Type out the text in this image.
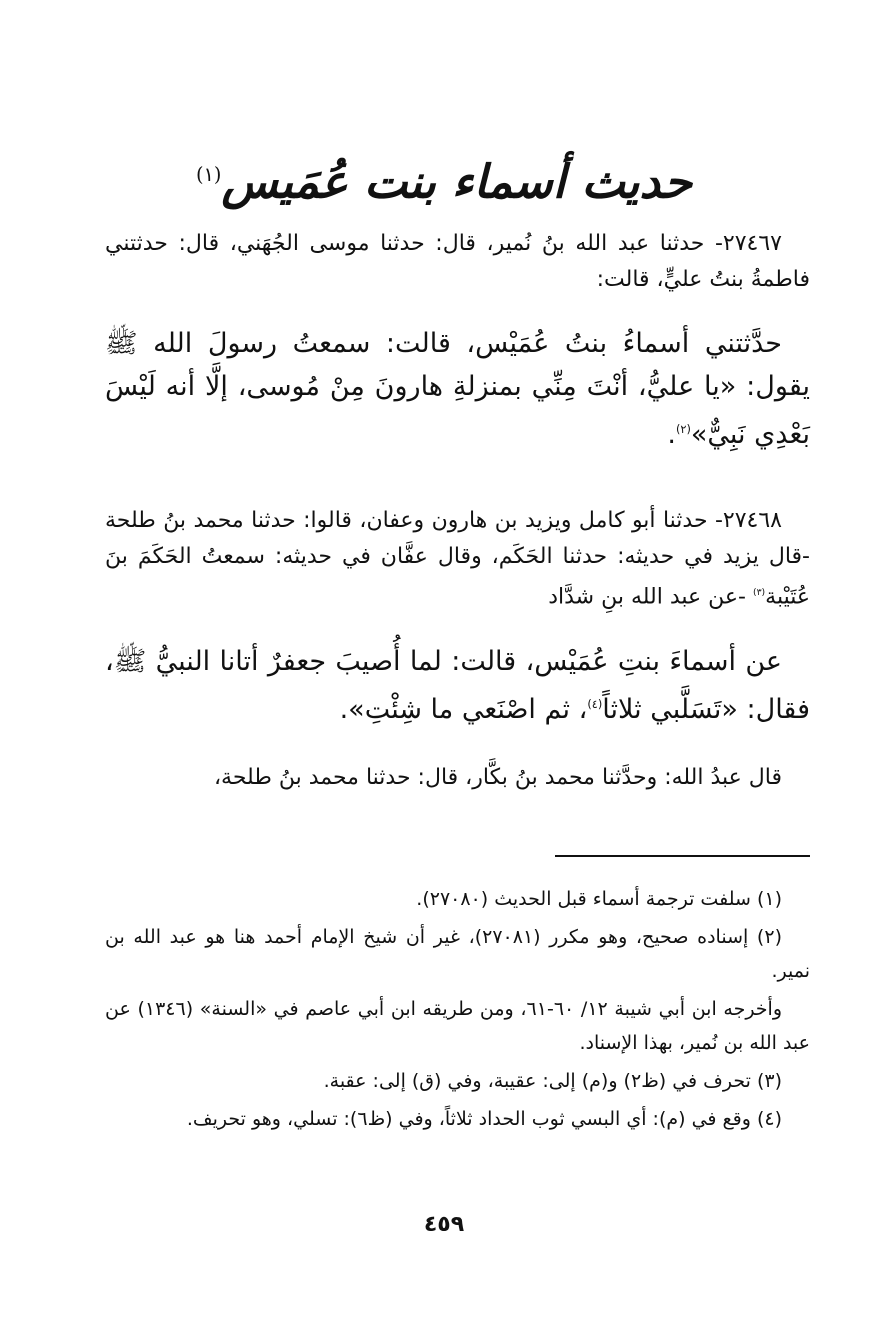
حديث أسماء بنت عُمَيس$^{(١)}$
٢٧٤٦٧- حدثنا عبد الله بنُ نُمير، قال: حدثنا موسى الجُهَني، قال: حدثتني فاطمةُ بنتُ عليٍّ، قالت:
حدَّثتني أسماءُ بنتُ عُمَيْس، قالت: سمعتُ رسولَ الله ﷺ يقول: «يا عليُّ، أنْتَ مِنِّي بمنزلةِ هارونَ مِنْ مُوسى، إلَّا أنه لَيْسَ بَعْدِي نَبِيٌّ»$^{(٢)}$.
٢٧٤٦٨- حدثنا أبو كامل ويزيد بن هارون وعفان، قالوا: حدثنا محمد بنُ طلحة -قال يزيد في حديثه: حدثنا الحَكَم، وقال عفَّان في حديثه: سمعتُ الحَكَمَ بنَ عُتَيْبة$^{(٣)}$ -عن عبد الله بنِ شدَّاد
عن أسماءَ بنتِ عُمَيْس، قالت: لما أُصيبَ جعفرٌ أتانا النبيُّ ﷺ، فقال: «تَسَلَّبي ثلاثاً$^{(٤)}$، ثم اصْنَعي ما شِئْتِ».
قال عبدُ الله: وحدَّثنا محمد بنُ بكَّار، قال: حدثنا محمد بنُ طلحة،

(١) سلفت ترجمة أسماء قبل الحديث (٢٧٠٨٠).

(٢) إسناده صحيح، وهو مكرر (٢٧٠٨١)، غير أن شيخ الإمام أحمد هنا هو عبد الله بن نمير.

وأخرجه ابن أبي شيبة ١٢/ ٦٠-٦١، ومن طريقه ابن أبي عاصم في «السنة» (١٣٤٦) عن عبد الله بن نُمير، بهذا الإسناد.

(٣) تحرف في (ظ٢) و(م) إلى: عقيبة، وفي (ق) إلى: عقبة.

(٤) وقع في (م): أي البسي ثوب الحداد ثلاثاً، وفي (ظ٦): تسلي، وهو تحريف.

٤٥٩
